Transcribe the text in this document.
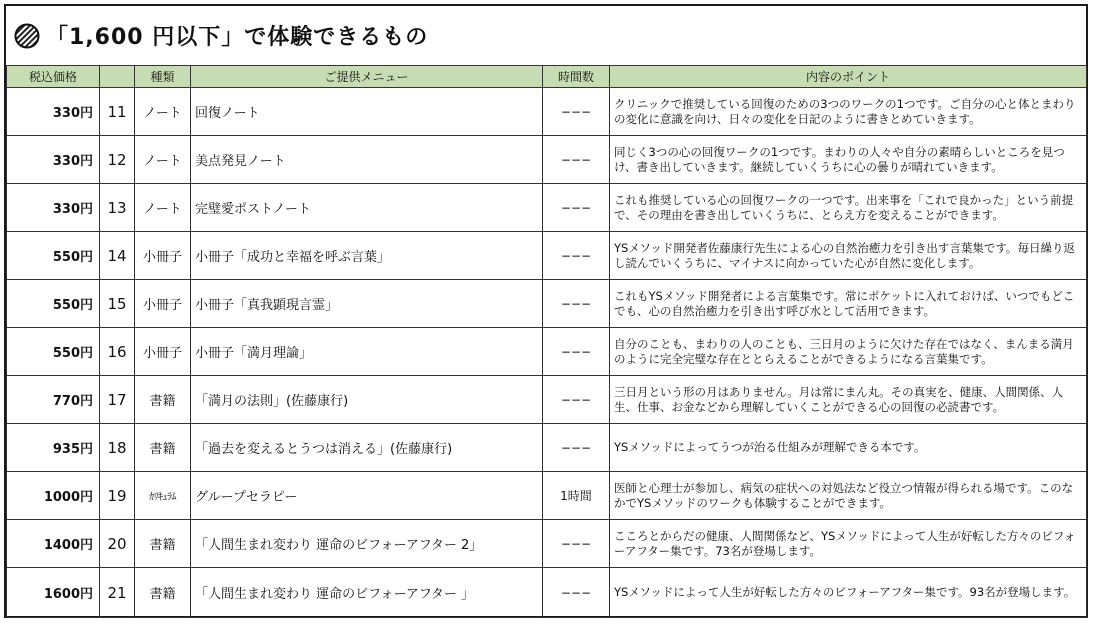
「1,600 円以下」で体験できるもの
税込価格		種類	ご提供メニュー	時間数	内容のポイント
330円	11	ノート	回復ノート	−−−	クリニックで推奨している回復のための3つのワークの1つです。ご自分の心と体とまわりの変化に意識を向け、日々の変化を日記のように書きとめていきます。
330円	12	ノート	美点発見ノート	−−−	同じく3つの心の回復ワークの1つです。まわりの人々や自分の素晴らしいところを見つけ、書き出していきます。継続していくうちに心の曇りが晴れていきます。
330円	13	ノート	完璧愛ポストノート	−−−	これも推奨している心の回復ワークの一つです。出来事を「これで良かった」という前提で、その理由を書き出していくうちに、とらえ方を変えることができます。
550円	14	小冊子	小冊子「成功と幸福を呼ぶ言葉」	−−−	YSメソッド開発者佐藤康行先生による心の自然治癒力を引き出す言葉集です。毎日繰り返し読んでいくうちに、マイナスに向かっていた心が自然に変化します。
550円	15	小冊子	小冊子「真我顕現言霊」	−−−	これもYSメソッド開発者による言葉集です。常にポケットに入れておけば、いつでもどこでも、心の自然治癒力を引き出す呼び水として活用できます。
550円	16	小冊子	小冊子「満月理論」	−−−	自分のことも、まわりの人のことも、三日月のように欠けた存在ではなく、まんまる満月のように完全完璧な存在ととらえることができるようになる言葉集です。
770円	17	書籍	「満月の法則」(佐藤康行)	−−−	三日月という形の月はありません。月は常にまん丸。その真実を、健康、人間関係、人生、仕事、お金などから理解していくことができる心の回復の必読書です。
935円	18	書籍	「過去を変えるとうつは消える」(佐藤康行)	−−−	YSメソッドによってうつが治る仕組みが理解できる本です。
1000円	19	ｶﾘｷｭﾗﾑ	グループセラピー	1時間	医師と心理士が参加し、病気の症状への対処法など役立つ情報が得られる場です。このなかでYSメソッドのワークも体験することができます。
1400円	20	書籍	「人間生まれ変わり 運命のビフォーアフター 2」	−−−	こころとからだの健康、人間関係など、YSメソッドによって人生が好転した方々のビフォーアフター集です。73名が登場します。
1600円	21	書籍	「人間生まれ変わり 運命のビフォーアフター 」	−−−	YSメソッドによって人生が好転した方々のビフォーアフター集です。93名が登場します。
